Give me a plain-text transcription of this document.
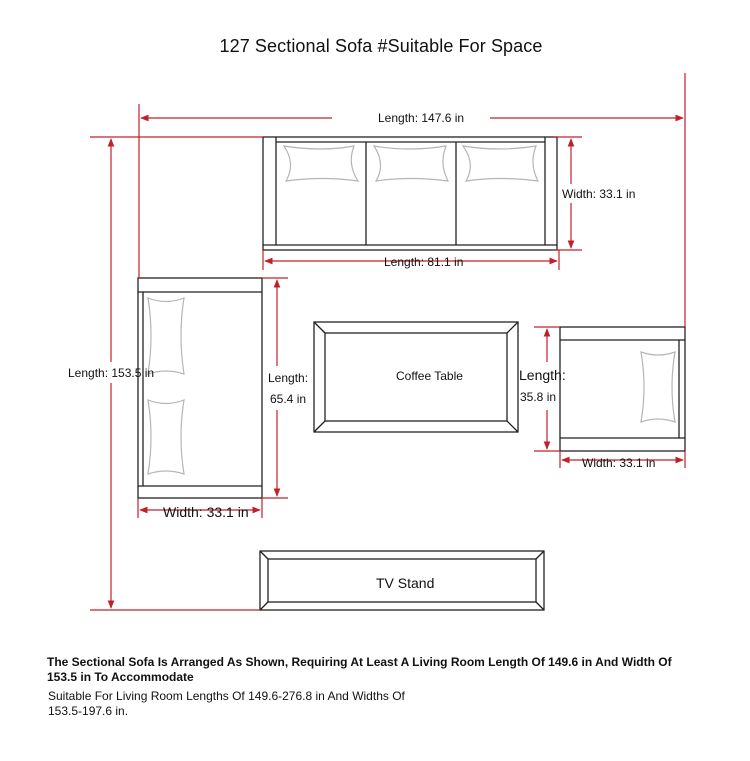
127 Sectional Sofa #Suitable For Space
Length: 147.6 in
Width: 33.1 in
Length: 81.1 in
Length: 153.5 in	Length:
65.4 in
Width: 33.1 in
Length:
35.8 in
Width: 33.1 in
Coffee Table
TV Stand
The Sectional Sofa Is Arranged As Shown, Requiring At Least A Living Room Length Of 149.6 in And Width Of 153.5 in To Accommodate
Suitable For Living Room Lengths Of 149.6-276.8 in And Widths Of 153.5-197.6 in.
